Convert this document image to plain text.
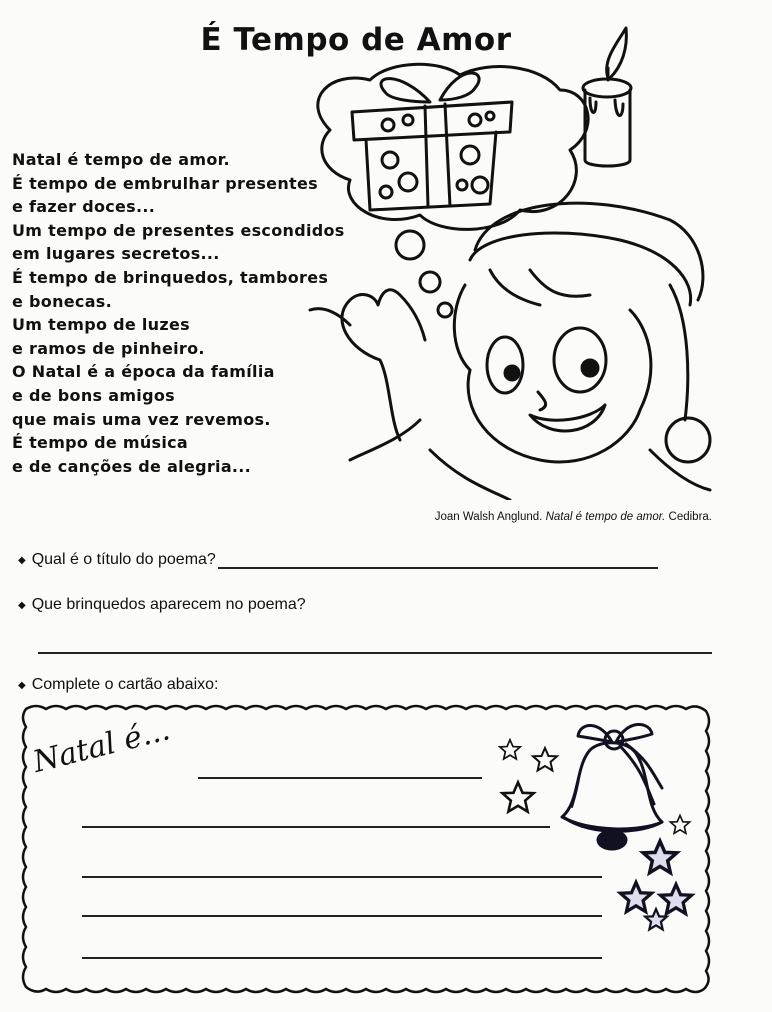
É Tempo de Amor
Natal é tempo de amor.
É tempo de embrulhar presentes
e fazer doces...
Um tempo de presentes escondidos
em lugares secretos...
É tempo de brinquedos, tambores
e bonecas.
Um tempo de luzes
e ramos de pinheiro.
O Natal é a época da família
e de bons amigos
que mais uma vez revemos.
É tempo de música
e de canções de alegria...
Joan Walsh Anglund. Natal é tempo de amor. Cedibra.
◆ Qual é o título do poema?
◆ Que brinquedos aparecem no poema?
◆ Complete o cartão abaixo:
Natal é...
